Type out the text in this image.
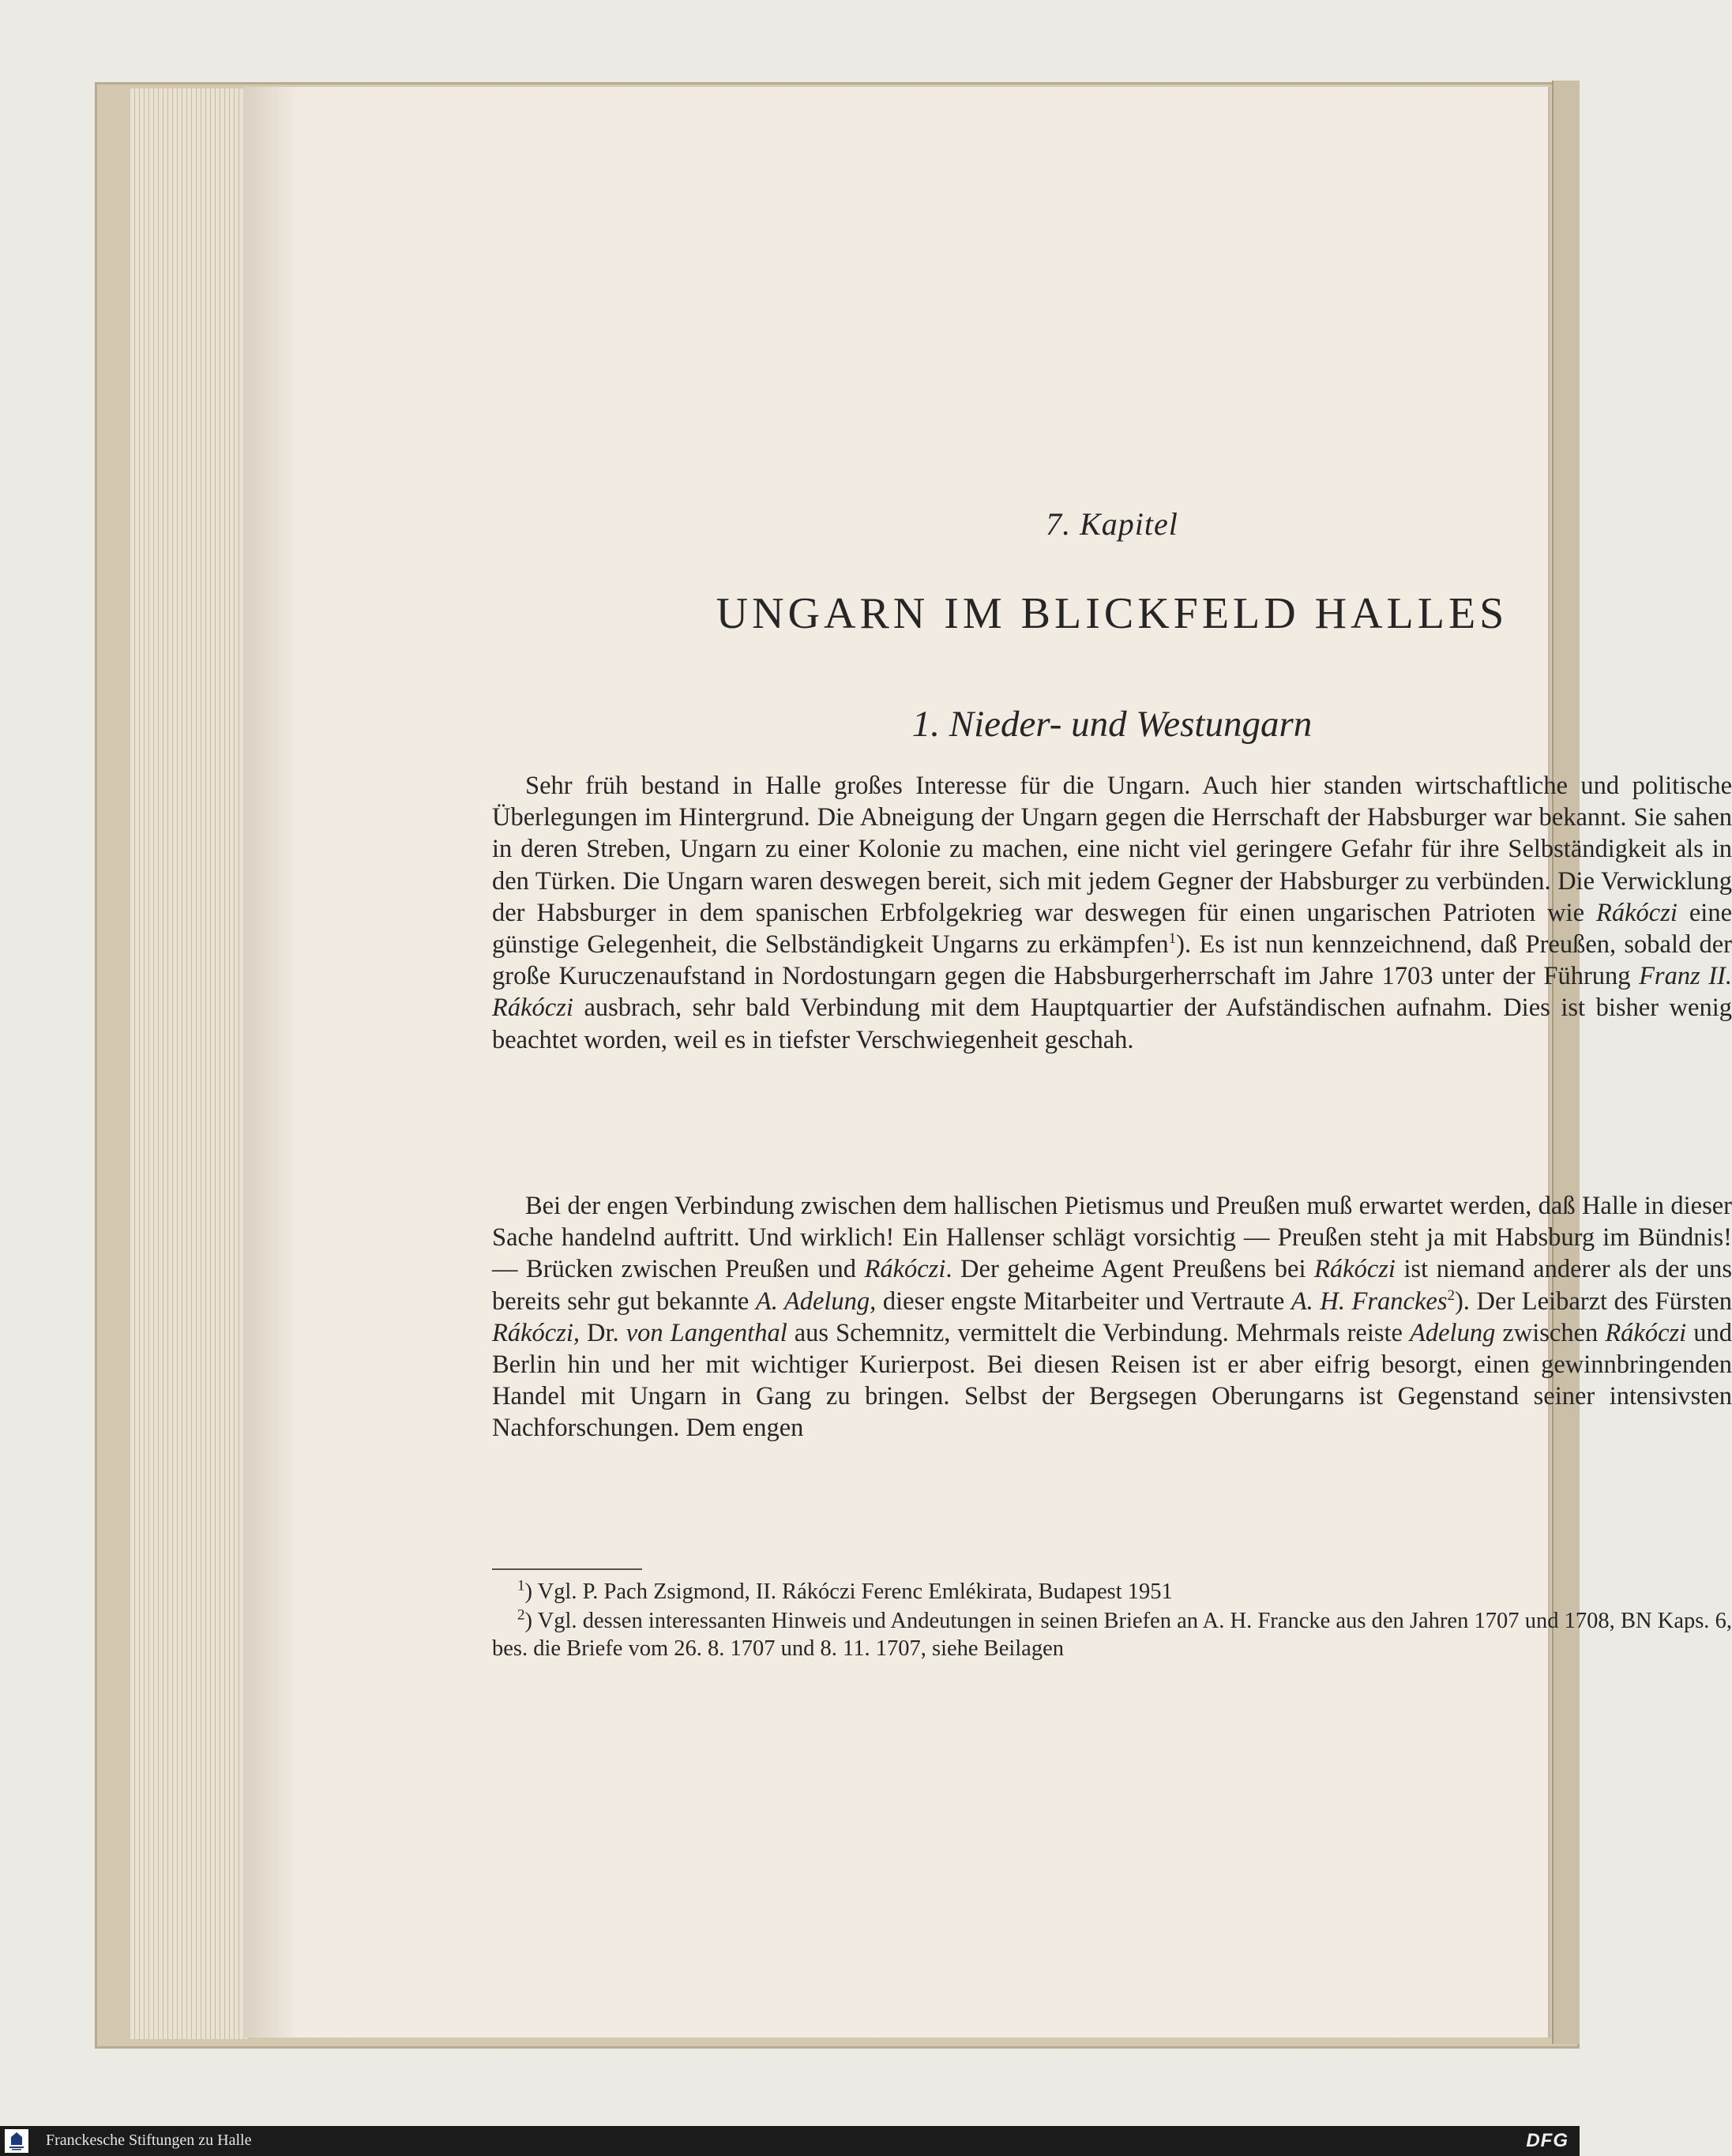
7. Kapitel
UNGARN IM BLICKFELD HALLES
1. Nieder- und Westungarn

Sehr früh bestand in Halle großes Interesse für die Ungarn. Auch hier standen wirtschaftliche und politische Überlegungen im Hintergrund. Die Abneigung der Ungarn gegen die Herrschaft der Habsburger war bekannt. Sie sahen in deren Streben, Ungarn zu einer Kolonie zu machen, eine nicht viel geringere Gefahr für ihre Selbständigkeit als in den Türken. Die Ungarn waren deswegen bereit, sich mit jedem Gegner der Habsburger zu verbünden. Die Verwicklung der Habsburger in dem spanischen Erbfolgekrieg war deswegen für einen ungarischen Patrioten wie Rákóczi eine günstige Gelegenheit, die Selbständigkeit Ungarns zu erkämpfen$^1$). Es ist nun kennzeichnend, daß Preußen, sobald der große Kuruczenaufstand in Nordostungarn gegen die Habsburgerherrschaft im Jahre 1703 unter der Führung Franz II. Rákóczi ausbrach, sehr bald Verbindung mit dem Hauptquartier der Aufständischen aufnahm. Dies ist bisher wenig beachtet worden, weil es in tiefster Verschwiegenheit geschah.

Bei der engen Verbindung zwischen dem hallischen Pietismus und Preußen muß erwartet werden, daß Halle in dieser Sache handelnd auftritt. Und wirklich! Ein Hallenser schlägt vorsichtig — Preußen steht ja mit Habsburg im Bündnis! — Brücken zwischen Preußen und Rákóczi. Der geheime Agent Preußens bei Rákóczi ist niemand anderer als der uns bereits sehr gut bekannte A. Adelung, dieser engste Mitarbeiter und Vertraute A. H. Franckes$^2$). Der Leibarzt des Fürsten Rákóczi, Dr. von Langenthal aus Schemnitz, vermittelt die Verbindung. Mehrmals reiste Adelung zwischen Rákóczi und Berlin hin und her mit wichtiger Kurierpost. Bei diesen Reisen ist er aber eifrig besorgt, einen gewinnbringenden Handel mit Ungarn in Gang zu bringen. Selbst der Bergsegen Oberungarns ist Gegenstand seiner intensivsten Nachforschungen. Dem engen

$^1$) Vgl. P. Pach Zsigmond, II. Rákóczi Ferenc Emlékirata, Budapest 1951

$^2$) Vgl. dessen interessanten Hinweis und Andeutungen in seinen Briefen an A. H. Francke aus den Jahren 1707 und 1708, BN Kaps. 6, bes. die Briefe vom 26. 8. 1707 und 8. 11. 1707, siehe Beilagen

Franckesche Stiftungen zu Halle	DFG
